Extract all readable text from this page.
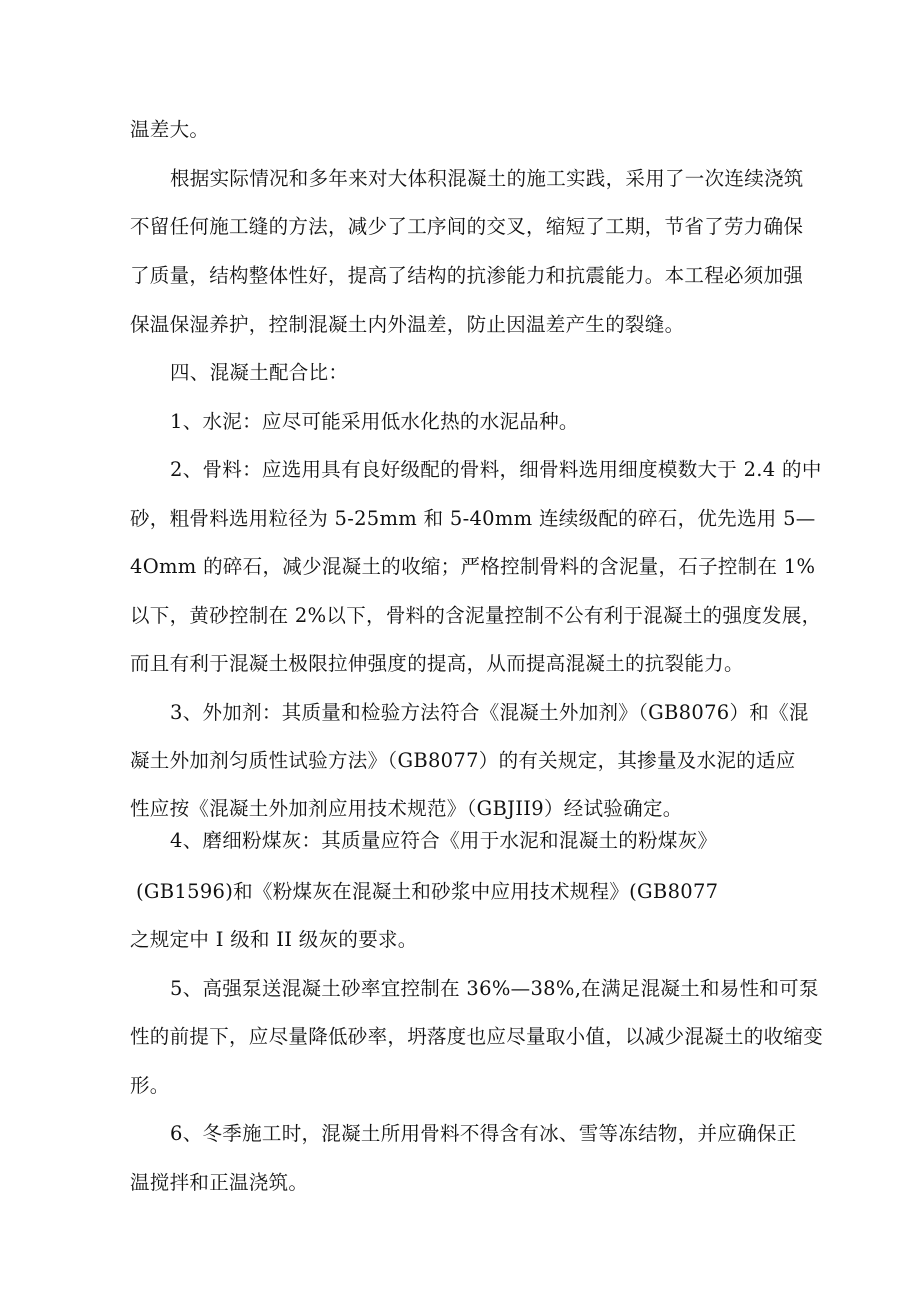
温差大。
根据实际情况和多年来对大体积混凝土的施工实践，采用了一次连续浇筑
不留任何施工缝的方法，减少了工序间的交叉，缩短了工期，节省了劳力确保
了质量，结构整体性好，提高了结构的抗渗能力和抗震能力。本工程必须加强
保温保湿养护，控制混凝土内外温差，防止因温差产生的裂缝。
四、混凝土配合比：
1、水泥：应尽可能采用低水化热的水泥品种。
2、骨料：应选用具有良好级配的骨料，细骨料选用细度模数大于 2.4 的中
砂，粗骨料选用粒径为 5-25mm 和 5-40mm 连续级配的碎石，优先选用 5—
4Omm 的碎石，减少混凝土的收缩；严格控制骨料的含泥量，石子控制在 1%
以下，黄砂控制在 2%以下，骨料的含泥量控制不公有利于混凝土的强度发展，
而且有利于混凝土极限拉伸强度的提高，从而提高混凝土的抗裂能力。
3、外加剂：其质量和检验方法符合《混凝土外加剂》（GB8076）和《混
凝土外加剂匀质性试验方法》（GB8077）的有关规定，其掺量及水泥的适应
性应按《混凝土外加剂应用技术规范》（GBJII9）经试验确定。
4、磨细粉煤灰：其质量应符合《用于水泥和混凝土的粉煤灰》
(GB1596)和《粉煤灰在混凝土和砂浆中应用技术规程》(GB8077
之规定中 I 级和 II 级灰的要求。
5、高强泵送混凝土砂率宜控制在 36%—38%,在满足混凝土和易性和可泵
性的前提下，应尽量降低砂率，坍落度也应尽量取小值，以减少混凝土的收缩变
形。
6、冬季施工时，混凝土所用骨料不得含有冰、雪等冻结物，并应确保正
温搅拌和正温浇筑。
